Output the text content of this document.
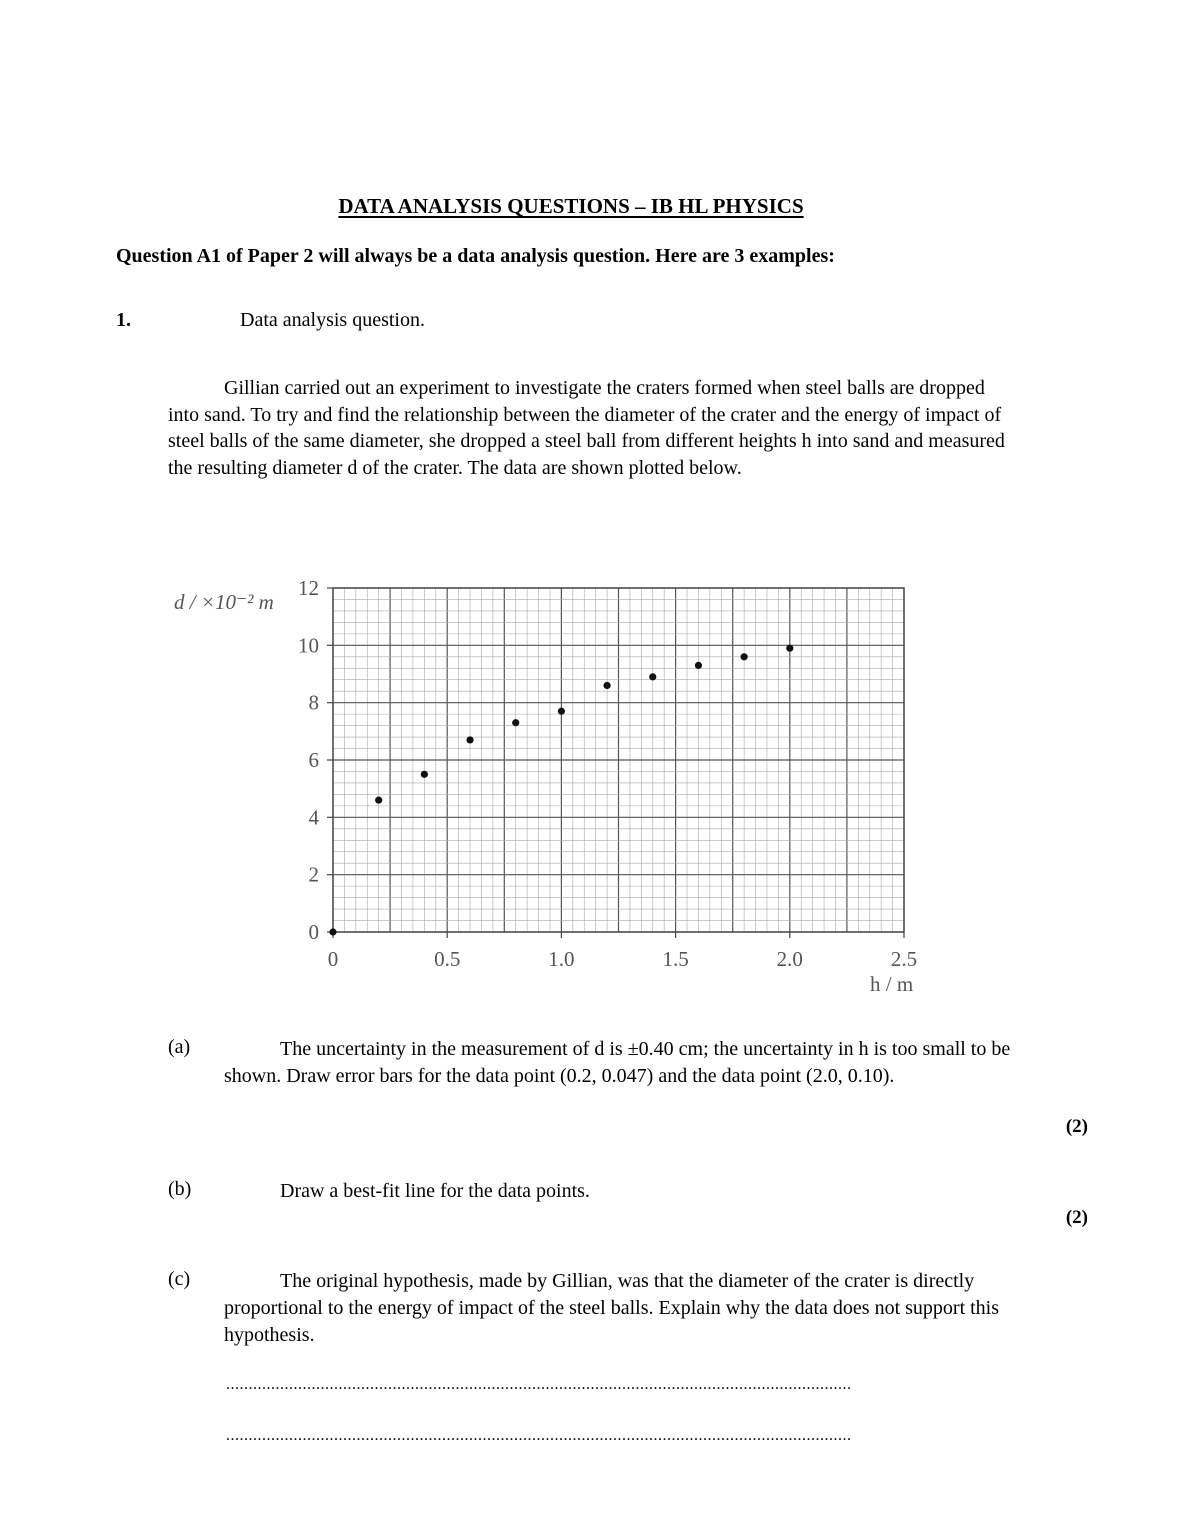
DATA ANALYSIS QUESTIONS – IB HL PHYSICS
Question A1 of Paper 2 will always be a data analysis question. Here are 3 examples:
1.	Data analysis question.
Gillian carried out an experiment to investigate the craters formed when steel balls are dropped into sand. To try and find the relationship between the diameter of the crater and the energy of impact of steel balls of the same diameter, she dropped a steel ball from different heights h into sand and measured the resulting diameter d of the crater. The data are shown plotted below.
0
2
4
6
8
10
12
0	0.5	1.0	1.5	2.0	2.5
d / ×10⁻² m
h / m
(a)	The uncertainty in the measurement of d is ±0.40 cm; the uncertainty in h is too small to be shown. Draw error bars for the data point (0.2, 0.047) and the data point (2.0, 0.10).
(2)
(b)	Draw a best-fit line for the data points.
(2)
(c)	The original hypothesis, made by Gillian, was that the diameter of the crater is directly proportional to the energy of impact of the steel balls. Explain why the data does not support this hypothesis.
...........................................................................................................................................
...........................................................................................................................................
